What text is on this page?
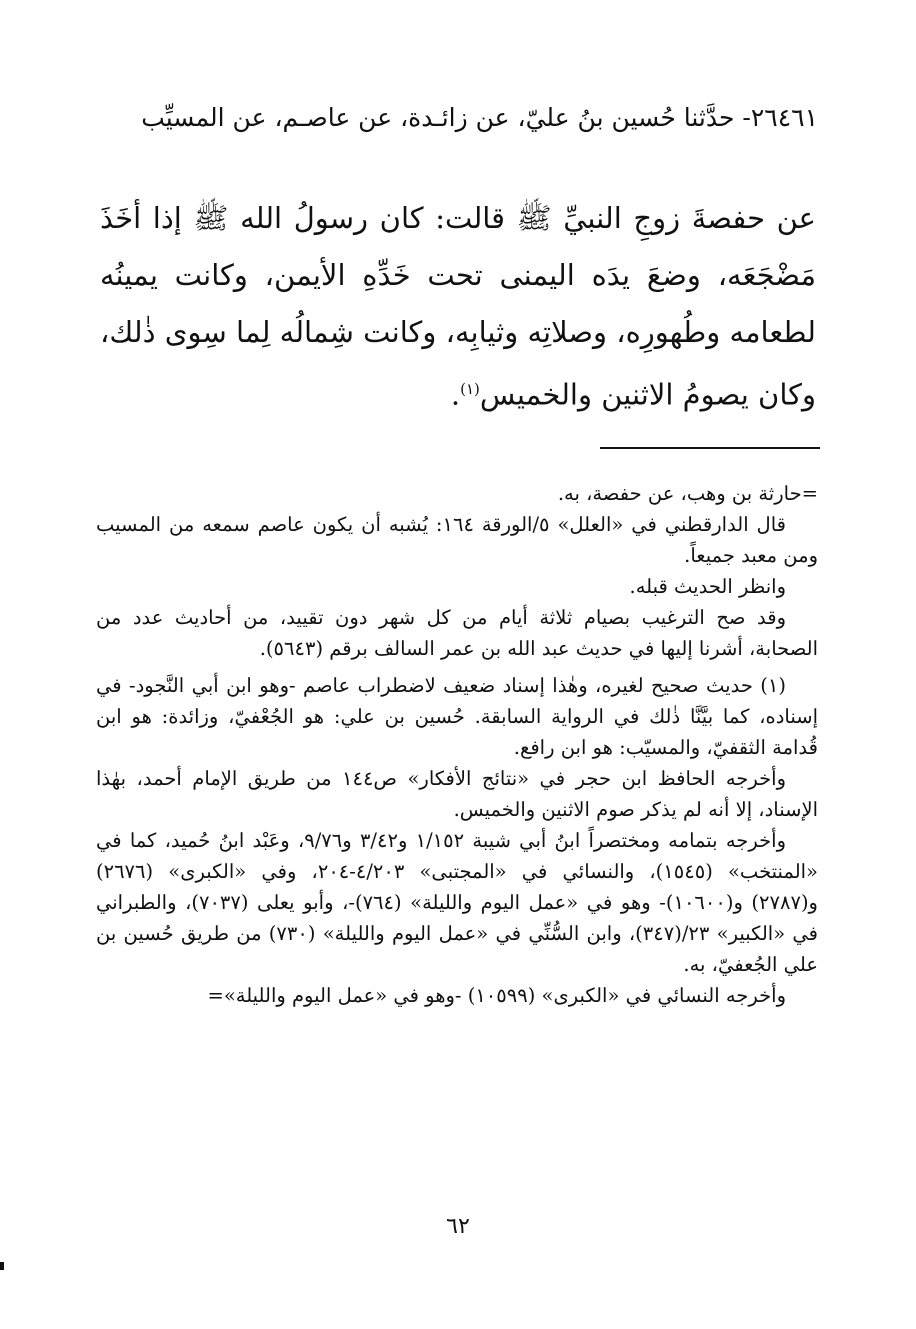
٢٦٤٦١- حدَّثنا حُسين بنُ عليّ، عن زائـدة، عن عاصـم، عن المسيِّب
عن حفصةَ زوجِ النبيِّ ﷺ قالت: كان رسولُ الله ﷺ إذا أخَذَ مَضْجَعَه، وضعَ يدَه اليمنى تحت خَدِّهِ الأيمن، وكانت يمينُه لطعامه وطُهورِه، وصلاتِه وثيابِه، وكانت شِمالُه لِما سِوى ذٰلك، وكان يصومُ الاثنين والخميس$^{(١)}$.

=حارثة بن وهب، عن حفصة، به.

قال الدارقطني في «العلل» ٥/الورقة ١٦٤: يُشبه أن يكون عاصم سمعه من المسيب ومن معبد جميعاً.

وانظر الحديث قبله.

وقد صح الترغيب بصيام ثلاثة أيام من كل شهر دون تقييد، من أحاديث عدد من الصحابة، أشرنا إليها في حديث عبد الله بن عمر السالف برقم (٥٦٤٣).

(١) حديث صحيح لغيره، وهٰذا إسناد ضعيف لاضطراب عاصم -وهو ابن أبي النَّجود- في إسناده، كما بيَّنَّا ذٰلك في الرواية السابقة. حُسين بن علي: هو الجُعْفيّ، وزائدة: هو ابن قُدامة الثقفيّ، والمسيّب: هو ابن رافع.

وأخرجه الحافظ ابن حجر في «نتائج الأفكار» ص١٤٤ من طريق الإمام أحمد، بهٰذا الإسناد، إلا أنه لم يذكر صوم الاثنين والخميس.

وأخرجه بتمامه ومختصراً ابنُ أبي شيبة ١/١٥٢ و٣/٤٢ و٩/٧٦، وعَبْد ابنُ حُميد، كما في «المنتخب» (١٥٤٥)، والنسائي في «المجتبى» ٤/٢٠٣-٢٠٤، وفي «الكبرى» (٢٦٧٦) و(٢٧٨٧) و(١٠٦٠٠)- وهو في «عمل اليوم والليلة» (٧٦٤)-، وأبو يعلى (٧٠٣٧)، والطبراني في «الكبير» ٢٣/(٣٤٧)، وابن السُّنِّي في «عمل اليوم والليلة» (٧٣٠) من طريق حُسين بن علي الجُعفيّ، به.

وأخرجه النسائي في «الكبرى» (١٠٥٩٩) -وهو في «عمل اليوم والليلة»=

٦٢
